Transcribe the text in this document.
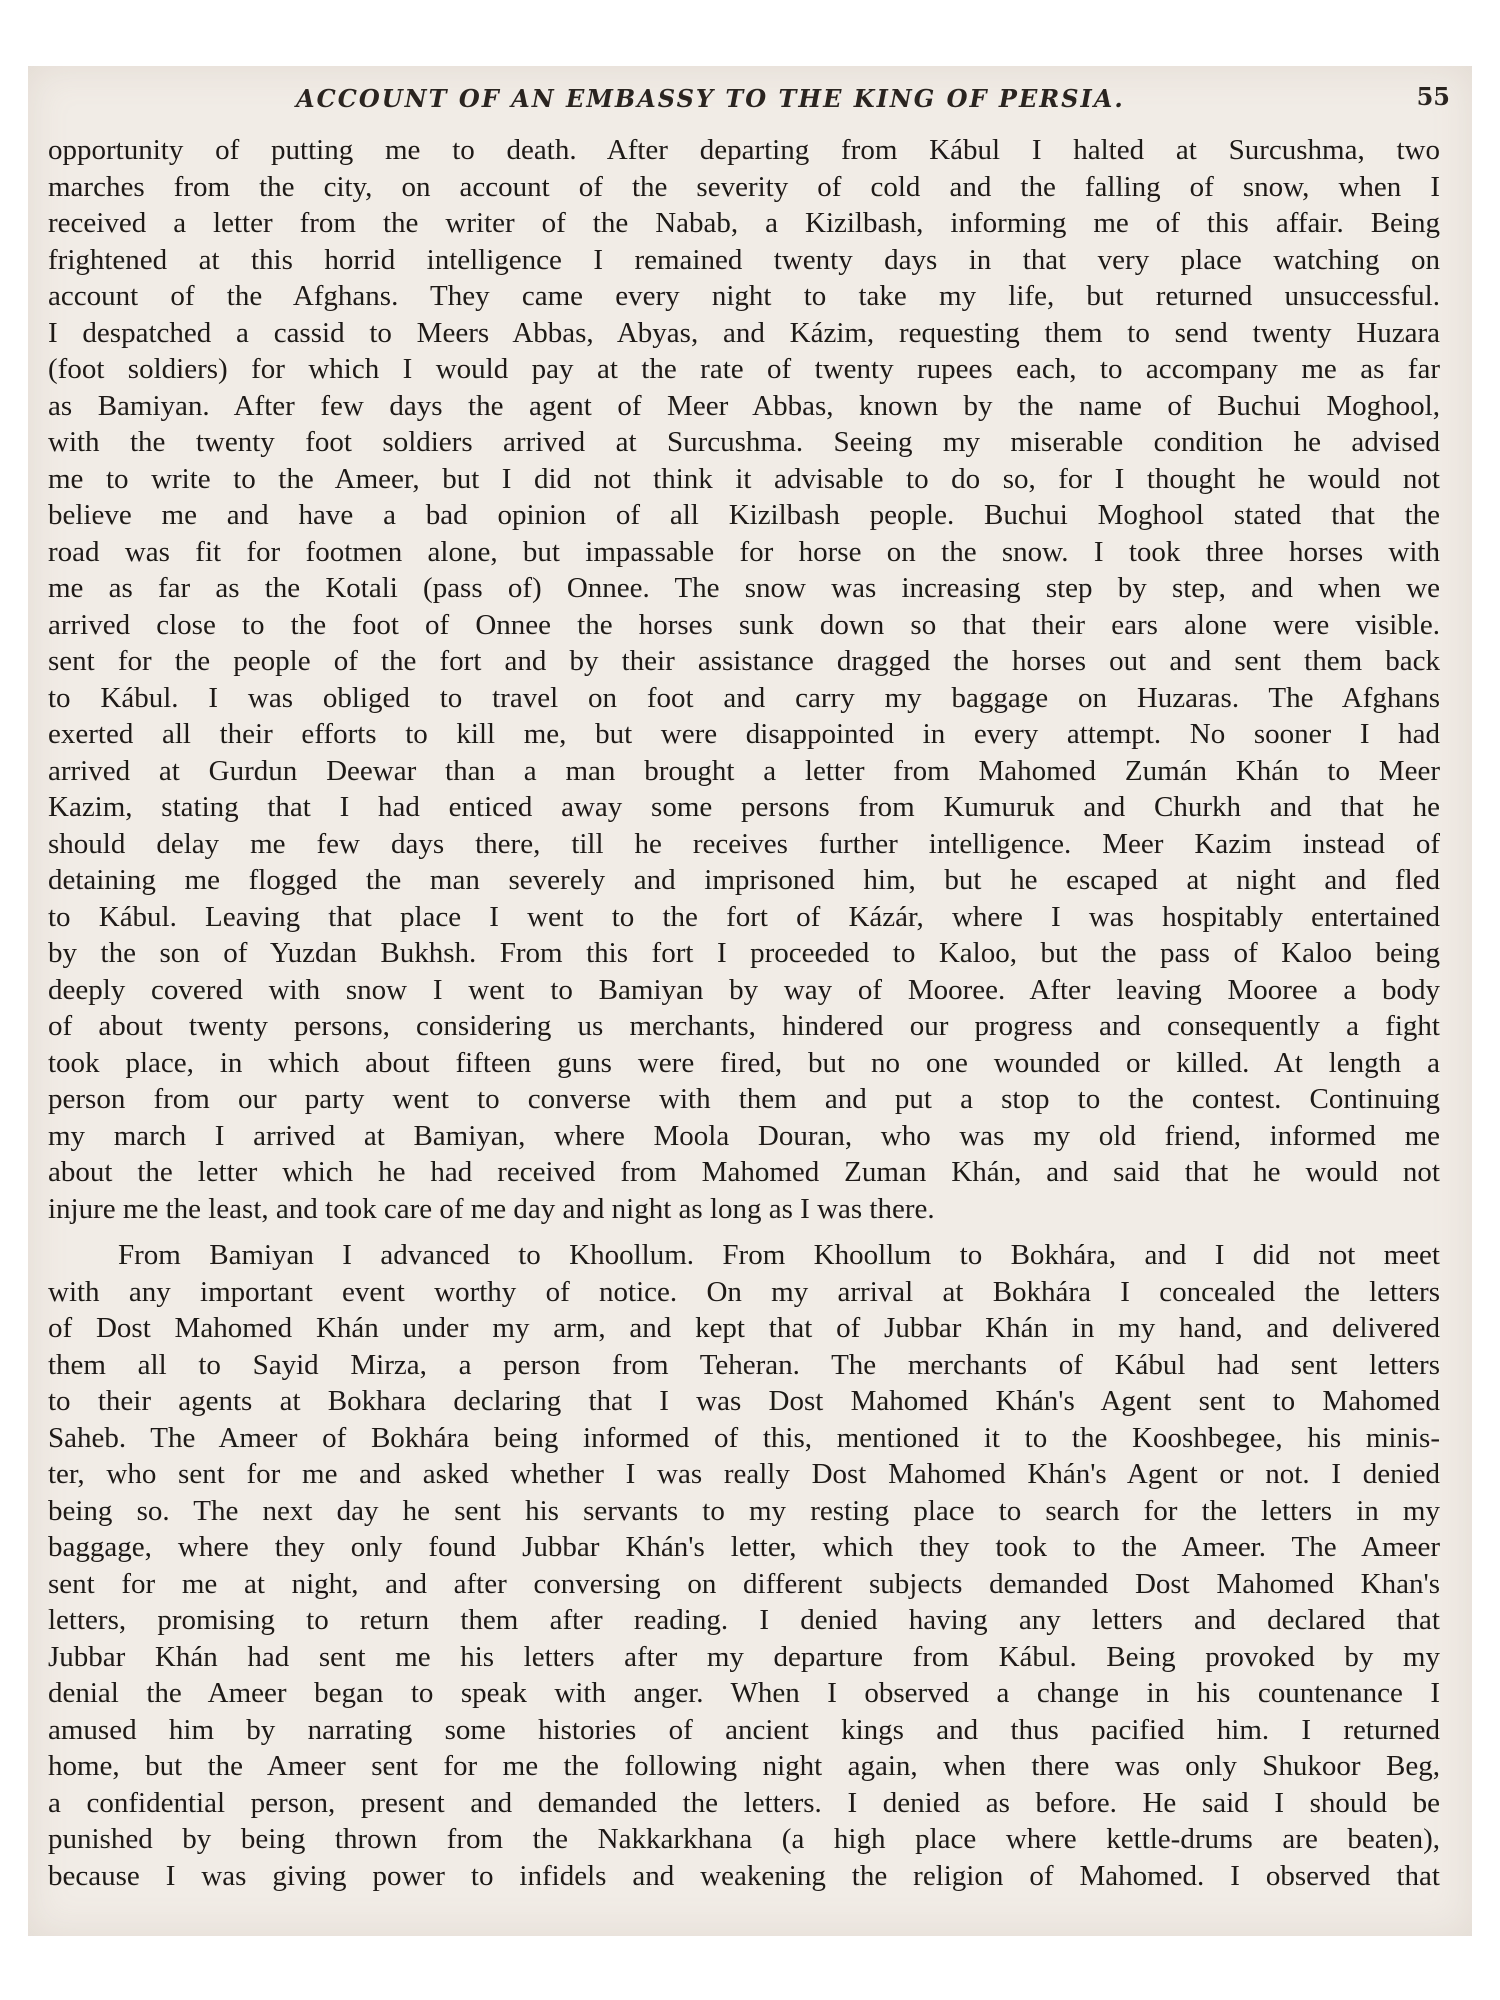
ACCOUNT OF AN EMBASSY TO THE KING OF PERSIA.	55
opportunity of putting me to death. After departing from Kábul I halted at Surcushma, two
marches from the city, on account of the severity of cold and the falling of snow, when I
received a letter from the writer of the Nabab, a Kizilbash, informing me of this affair. Being
frightened at this horrid intelligence I remained twenty days in that very place watching on
account of the Afghans. They came every night to take my life, but returned unsuccessful.
I despatched a cassid to Meers Abbas, Abyas, and Kázim, requesting them to send twenty Huzara
(foot soldiers) for which I would pay at the rate of twenty rupees each, to accompany me as far
as Bamiyan. After few days the agent of Meer Abbas, known by the name of Buchui Moghool,
with the twenty foot soldiers arrived at Surcushma. Seeing my miserable condition he advised
me to write to the Ameer, but I did not think it advisable to do so, for I thought he would not
believe me and have a bad opinion of all Kizilbash people. Buchui Moghool stated that the
road was fit for footmen alone, but impassable for horse on the snow. I took three horses with
me as far as the Kotali (pass of) Onnee. The snow was increasing step by step, and when we
arrived close to the foot of Onnee the horses sunk down so that their ears alone were visible.
sent for the people of the fort and by their assistance dragged the horses out and sent them back
to Kábul. I was obliged to travel on foot and carry my baggage on Huzaras. The Afghans
exerted all their efforts to kill me, but were disappointed in every attempt. No sooner I had
arrived at Gurdun Deewar than a man brought a letter from Mahomed Zumán Khán to Meer
Kazim, stating that I had enticed away some persons from Kumuruk and Churkh and that he
should delay me few days there, till he receives further intelligence. Meer Kazim instead of
detaining me flogged the man severely and imprisoned him, but he escaped at night and fled
to Kábul. Leaving that place I went to the fort of Kázár, where I was hospitably entertained
by the son of Yuzdan Bukhsh. From this fort I proceeded to Kaloo, but the pass of Kaloo being
deeply covered with snow I went to Bamiyan by way of Mooree. After leaving Mooree a body
of about twenty persons, considering us merchants, hindered our progress and consequently a fight
took place, in which about fifteen guns were fired, but no one wounded or killed. At length a
person from our party went to converse with them and put a stop to the contest. Continuing
my march I arrived at Bamiyan, where Moola Douran, who was my old friend, informed me
about the letter which he had received from Mahomed Zuman Khán, and said that he would not
injure me the least, and took care of me day and night as long as I was there.
From Bamiyan I advanced to Khoollum. From Khoollum to Bokhára, and I did not meet
with any important event worthy of notice. On my arrival at Bokhára I concealed the letters
of Dost Mahomed Khán under my arm, and kept that of Jubbar Khán in my hand, and delivered
them all to Sayid Mirza, a person from Teheran. The merchants of Kábul had sent letters
to their agents at Bokhara declaring that I was Dost Mahomed Khán's Agent sent to Mahomed
Saheb. The Ameer of Bokhára being informed of this, mentioned it to the Kooshbegee, his minis-
ter, who sent for me and asked whether I was really Dost Mahomed Khán's Agent or not. I denied
being so. The next day he sent his servants to my resting place to search for the letters in my
baggage, where they only found Jubbar Khán's letter, which they took to the Ameer. The Ameer
sent for me at night, and after conversing on different subjects demanded Dost Mahomed Khan's
letters, promising to return them after reading. I denied having any letters and declared that
Jubbar Khán had sent me his letters after my departure from Kábul. Being provoked by my
denial the Ameer began to speak with anger. When I observed a change in his countenance I
amused him by narrating some histories of ancient kings and thus pacified him. I returned
home, but the Ameer sent for me the following night again, when there was only Shukoor Beg,
a confidential person, present and demanded the letters. I denied as before. He said I should be
punished by being thrown from the Nakkarkhana (a high place where kettle-drums are beaten),
because I was giving power to infidels and weakening the religion of Mahomed. I observed that
